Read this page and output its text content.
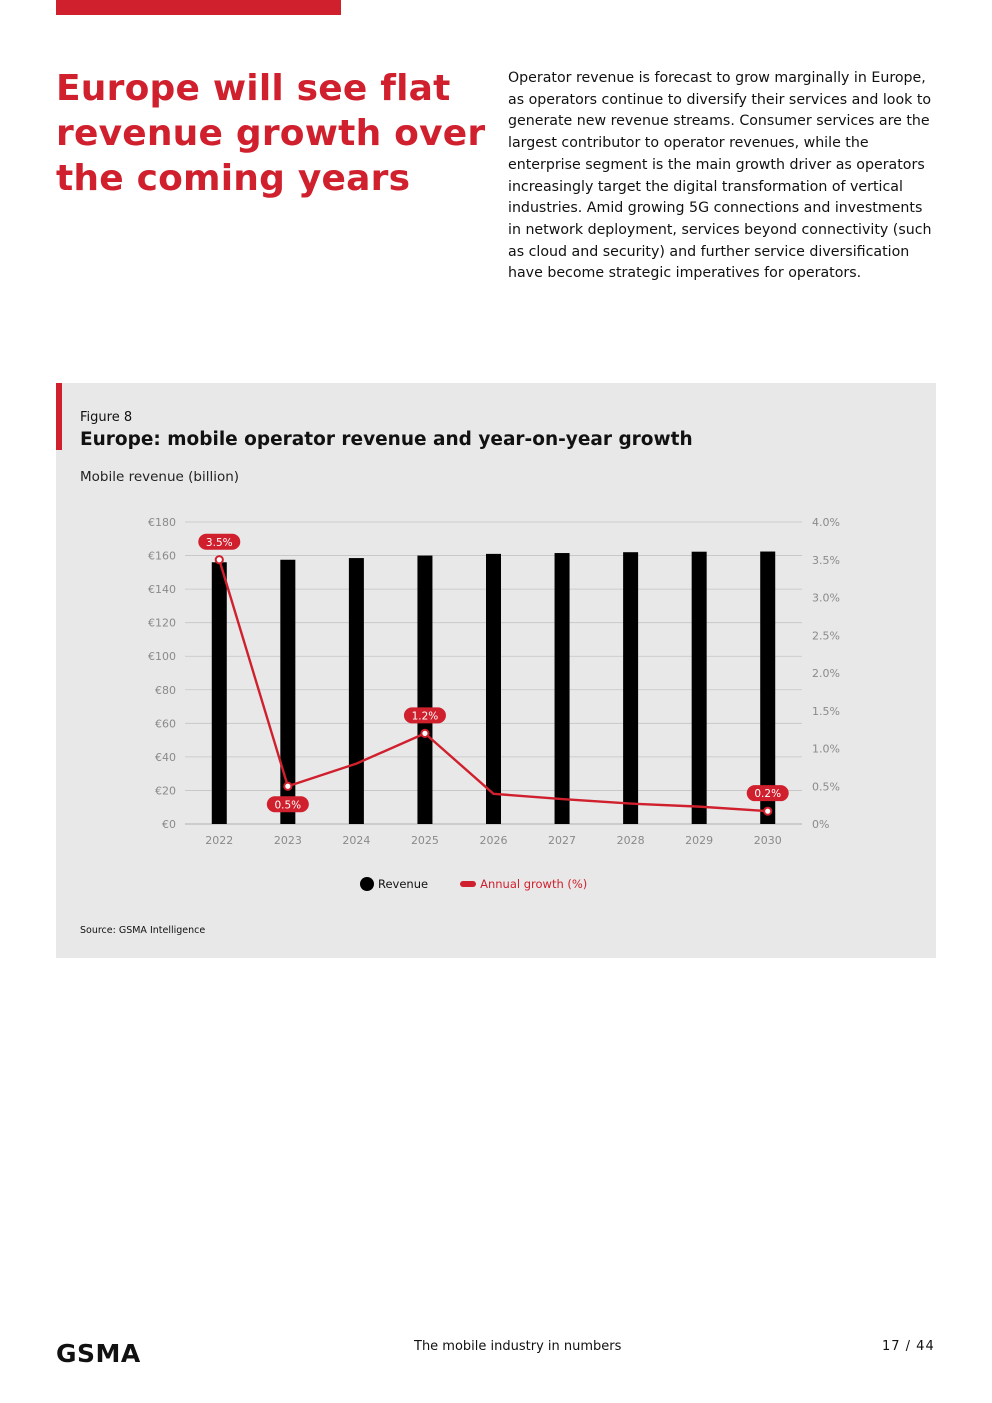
Europe will see flat revenue growth over the coming years

Operator revenue is forecast to grow marginally in Europe, as operators continue to diversify their services and look to generate new revenue streams. Consumer services are the largest contributor to operator revenues, while the enterprise segment is the main growth driver as operators increasingly target the digital transformation of vertical industries. Amid growing 5G connections and investments in network deployment, services beyond connectivity (such as cloud and security) and further service diversification have become strategic imperatives for operators.

Figure 8
Europe: mobile operator revenue and year-on-year growth
Mobile revenue (billion)
€0
€20
€40
€60
€80
€100
€120
€140
€160
€180
0%
0.5%
1.0%
1.5%
2.0%
2.5%
3.0%
3.5%
4.0%
2022	2023	2024	2025	2026	2027	2028	2029	2030
3.5%
0.5%
1.2%
0.2%
Revenue	Annual growth (%)
Source: GSMA Intelligence
GSMA	The mobile industry in numbers	17 / 44
